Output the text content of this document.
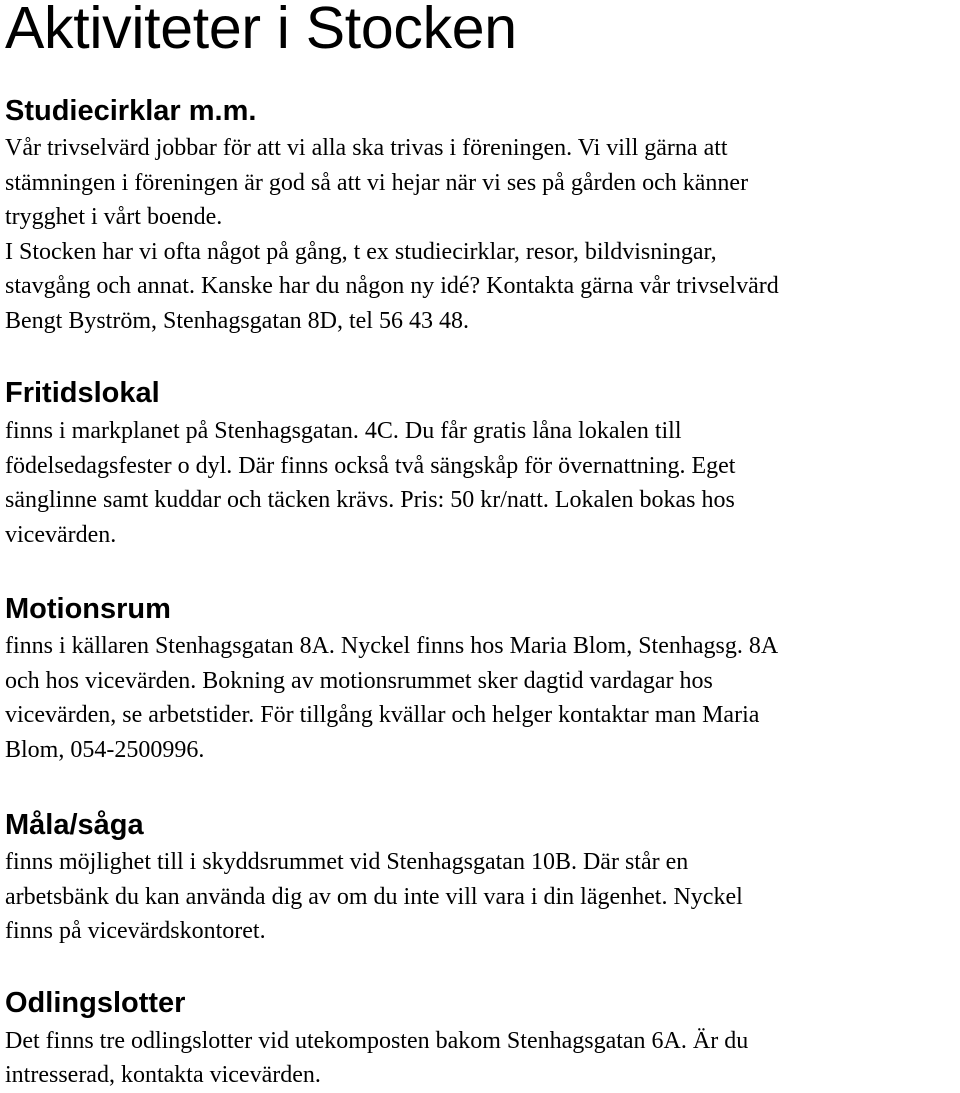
Aktiviteter i Stocken
Studiecirklar m.m.

Vår trivselvärd jobbar för att vi alla ska trivas i föreningen. Vi vill gärna att
stämningen i föreningen är god så att vi hejar när vi ses på gården och känner
trygghet i vårt boende.

I Stocken har vi ofta något på gång, t ex studiecirklar, resor, bildvisningar,
stavgång och annat. Kanske har du någon ny idé? Kontakta gärna vår trivselvärd
Bengt Byström, Stenhagsgatan 8D, tel 56 43 48.

Fritidslokal

finns i markplanet på Stenhagsgatan. 4C. Du får gratis låna lokalen till
födelsedagsfester o dyl. Där finns också två sängskåp för övernattning. Eget
sänglinne samt kuddar och täcken krävs. Pris: 50 kr/natt. Lokalen bokas hos
vicevärden.

Motionsrum

finns i källaren Stenhagsgatan 8A. Nyckel finns hos Maria Blom, Stenhagsg. 8A
och hos vicevärden. Bokning av motionsrummet sker dagtid vardagar hos
vicevärden, se arbetstider. För tillgång kvällar och helger kontaktar man Maria
Blom, 054-2500996.

Måla/såga

finns möjlighet till i skyddsrummet vid Stenhagsgatan 10B. Där står en
arbetsbänk du kan använda dig av om du inte vill vara i din lägenhet. Nyckel
finns på vicevärdskontoret.

Odlingslotter

Det finns tre odlingslotter vid utekomposten bakom Stenhagsgatan 6A. Är du
intresserad, kontakta vicevärden.
